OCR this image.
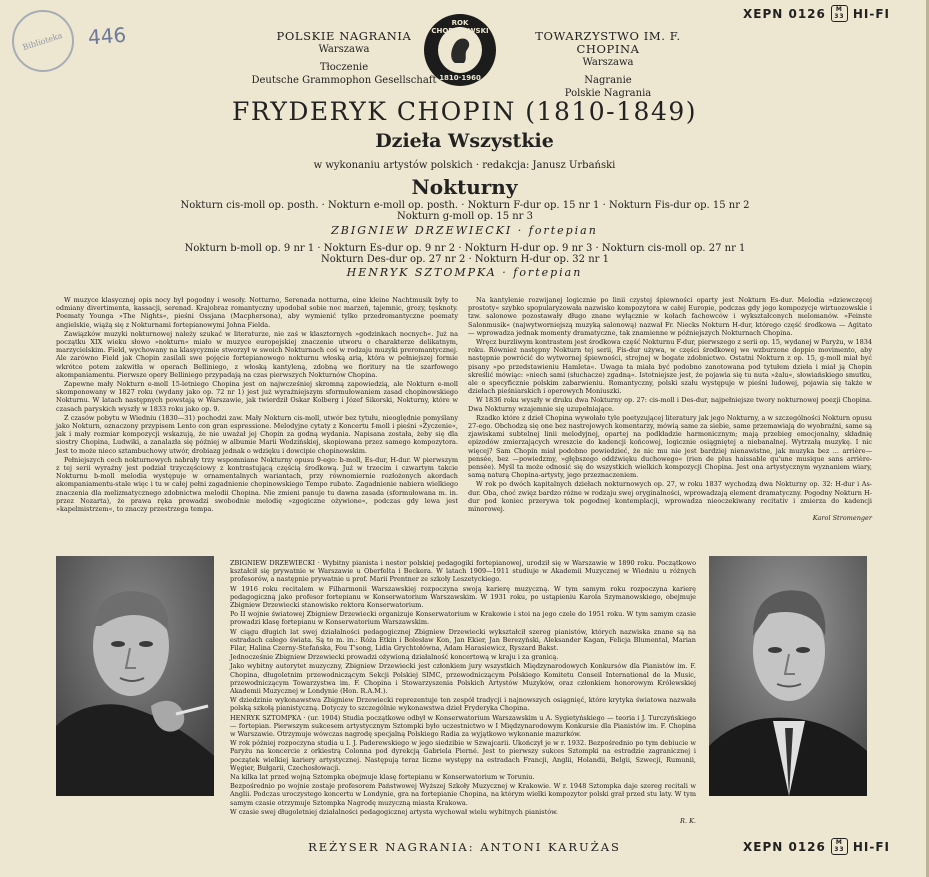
Biblioteka 446	POLSKIE NAGRANIA
Warszawa
Tłoczenie
Deutsche Grammophon Gesellschaft
ROK CHOPINOWSKI
1810·1960
TOWARZYSTWO IM. F. CHOPINA
Warszawa
Nagranie
Polskie Nagrania
XEPN 0126	M
33 HI-FI
FRYDERYK CHOPIN (1810-1849)
Dzieła Wszystkie
w wykonaniu artystów polskich · redakcja: Janusz Urbański
Nokturny
Nokturn cis-moll op. posth. · Nokturn e-moll op. posth. · Nokturn F-dur op. 15 nr 1 · Nokturn Fis-dur op. 15 nr 2 Nokturn g-moll op. 15 nr 3
ZBIGNIEW DRZEWIECKI · fortepian
Nokturn b-moll op. 9 nr 1 · Nokturn Es-dur op. 9 nr 2 · Nokturn H-dur op. 9 nr 3 · Nokturn cis-moll op. 27 nr 1 Nokturn Des-dur op. 27 nr 2 · Nokturn H-dur op. 32 nr 1
HENRYK SZTOMPKA · fortepian

W muzyce klasycznej opis nocy był pogodny i wesoły. Notturno, Serenada notturna, eine kleine Nachtmusik były to odmiany divertimenta, kassacji, serenad. Krajobraz romantyczny upodobał sobie noc marzeń, tajemnic, grozy, tęsknoty. Poematy Younga »The Nights«, pieśni Ossjana (Macphersona), aby wymienić tylko przedromantyczne poematy angielskie, wiążą się z Nokturnami fortepianowymi Johna Fielda.

Zawiązków muzyki nokturnowej należy szukać w literaturze, nie zaś w klasztornych »godzinkach nocnych«. Już na początku XIX wieku słowo »nokturn« miało w muzyce europejskiej znaczenie utworu o charakterze delikatnym, marzycielskim. Field, wychowany na klasycyzmie stworzył w swoich Nokturnach coś w rodzaju muzyki preromantycznej. Ale zarówno Field jak Chopin zasilali swe pojęcie fortepianowego nokturnu włoską arią, która w pełniejszej formie wkrótce potem zakwitła w operach Belliniego, z włoską kantyleną, zdobną we fioritury na tle szarfowego akompaniamentu. Pierwsze opery Belliniego przypadają na czas pierwszych Nokturnów Chopina.

Zapewne mały Nokturn e-moll 15-letniego Chopina jest on najwcześniej skromną zapowiedzią, ale Nokturn e-moll skomponowany w 1827 roku (wydany jako op. 72 nr 1) jest już wyraźniejszym sformułowaniem zasad chopinowskiego Nokturnu. W latach następnych powstają w Warszawie, jak twierdził Oskar Kolberg i Józef Sikorski, Nokturny, które w czasach paryskich wyszły w 1833 roku jako op. 9.

Z czasów pobytu w Wiedniu (1830—31) pochodzi zaw. Mały Nokturn cis-moll, utwór bez tytułu, nieoględnie pomyślany jako Nokturn, oznaczony przypisem Lento con gran espressione. Melodyjne cytaty z Koncertu f-moll i pieśni »Życzenie«, jak i mały rozmiar kompozycji wskazują, że nie uważał jej Chopin za godną wydania. Napisana została, żeby się dla siostry Chopina, Ludwiki, a zanalazła się później w albumie Marii Wodzińskiej, skopiowana przez samego kompozytora. Jest to może nieco sztambuchowy utwór, drobiazg jednak o wdzięku i dowcipie chopinowskim.

Pełniejszych cech nokturnowych nabrały trzy wspomniane Nokturny opusu 9-ego: b-moll, Es-dur, H-dur. W pierwszym z tej serii wyraźny jest podział trzyczęściowy z kontrastującą częścią środkową. Już w trzecim i czwartym takcie Nokturnu b-moll melodia występuje w ornamentalnych wariantach, przy równomiernie rozłożonych akordach akompaniamentu-stale więc i tu w całej pełni zagadnienie chopinowskiego Tempo rubato. Zagadnienie nabiera wielkiego znaczenia dla melizmatycznego zdobnictwa melodii Chopina. Nie zmieni panuje tu dawna zasada (sformułowana m. in. przez Nozarta), że prawa ręka prowadzi swobodnie melodię »zgogiczne ożywione«, podczas gdy lewa jest »kapelmistrzem«, to znaczy przestrzega tempa.

Na kantylenie rozwijanej logicznie po linii czystej śpiewności oparty jest Nokturn Es-dur. Melodia »dziewczęcej prostoty« szybko spopularyzowała nazwisko kompozytora w całej Europie, podczas gdy jego kompozycje wirtuozowskie i tzw. salonowe pozostawały długo znane wyłącznie w kołach fachowców i wykształconych melomanów. »Feinste Salonmusik« (najwytworniejszą muzyką salonową) nazwał Fr. Niecks Nokturn H-dur, którego część środkowa — Agitato — wprowadza jednak momenty dramatyczne, tak znamienne w późniejszych Nokturnach Chopina.

Wręcz burzliwym kontrastem jest środkowa część Nokturnu F-dur, pierwszego z serii op. 15, wydanej w Paryżu, w 1834 roku. Również następny Nokturn tej serii, Fis-dur używa, w części środkowej we wzburzone doppio movimento, aby następnie powrócić do wytwornej śpiewności, strojnej w bogate zdobnictwo. Ostatni Nokturn z op. 15, g-moll miał być pisany »po przedstawieniu Hamleta«. Uwaga ta miała być podobno zanotowana pod tytułem dzieła i miał ją Chopin skreślić mówiąc: »niech sami (słuchacze) zgadną«. Istotniejsze jest, że pojawia się tu nuta »żalu«, słowiańskiego smutku, ale o specyficznie polskim zabarwieniu. Romantyczny, polski szału występuje w pieśni ludowej, pojawia się także w dziełach pieśniarskich i operowych Moniuszki.

W 1836 roku wyszły w druku dwa Nokturny op. 27: cis-moll i Des-dur, najpełniejsze twory nokturnowej poezji Chopina. Dwa Nokturny wzajemnie się uzupełniające.

Rzadko które z dzieł Chopina wywołało tyle poetyzującej literatury jak jego Nokturny, a w szczególności Nokturn opusu 27-ego. Obchodzą się one bez nastrojowych komentarzy, mówią same za siebie, same przemawiają do wyobraźni, same są zjawiskami subtelnej linii melodyjnej, opartej na podkładzie harmonicznym; mają przebieg emocjonalny, składnię epizodów zmierzających wreszcie do kadencji końcowej, logicznie osiągniętej a niebanalnej. Wytrzałą muzykę. I nic więcej? Sam Chopin miał podobno powiedzieć, że nic mu nie jest bardziej nienawistne, jak muzyka bez ... arrière—pensée, bez —powiedzmy, »głębszego oddźwięku duchowego« (rien de plus haissable qu'une musique sans arrière-pensée). Myśl ta może odnosić się do wszystkich wielkich kompozycji Chopina. Jest ona artystycznym wyznaniem wiary, samą naturą Chopina-artysty, jego przeznaczeniem.

W rok po dwóch kapitalnych dziełach nokturnowych op. 27, w roku 1837 wychodzą dwa Nokturny op. 32: H-dur i As-dur. Oba, choć zwięz bardzo różne w rodzaju swej oryginalności, wprowadzają element dramatyczny. Pogodny Nokturn H-dur pod koniec przerywa tok pogodnej kontemplacji, wprowadza nieoczekiwany recitativ i zmierza do kadencji minorowej.

Karol Stromenger

ZBIGNIEW DRZEWIECKI · Wybitny pianista i nestor polskiej pedagogiki fortepianowej, urodził się w Warszawie w 1890 roku. Początkowo kształcił się prywatnie w Warszawie u Oberfelta i Beckera. W latach 1909—1911 studiuje w Akademii Muzycznej w Wiedniu u różnych profesorów, a następnie prywatnie u prof. Marii Prentner ze szkoły Leszetyckiego.

W 1916 roku recitalem w Filharmonii Warszawskiej rozpoczyna swoją karierę muzyczną. W tym samym roku rozpoczyna karierę pedagogiczną jako profesor fortepianu w Konserwatorium Warszawskim. W 1931 roku, po ustąpieniu Karola Szymanowskiego, obejmuje Zbigniew Drzewiecki stanowisko rektora Konserwatorium.

Po II wojnie światowej Zbigniew Drzewiecki organizuje Konserwatorium w Krakowie i stoi na jego czele do 1951 roku. W tym samym czasie prowadzi klasę fortepianu w Konserwatorium Warszawskim.

W ciągu długich lat swej działalności pedagogicznej Zbigniew Drzewiecki wykształcił szereg pianistów, których nazwiska znane są na estradach całego świata. Są to m. in.: Róża Etkin i Bolesław Kon, Jan Ekier, Jan Berezyński, Aleksander Kagan, Felicja Blumental, Marian Filar, Halina Czerny-Stefańska, Fou T'song, Lidia Grychtołówna, Adam Harasiewicz, Ryszard Bakst.

Jednocześnie Zbigniew Drzewiecki prowadzi ożywioną działalność koncertową w kraju i za granicą.

Jako wybitny autorytet muzyczny, Zbigniew Drzewiecki jest członkiem jury wszystkich Międzynarodowych Konkursów dla Pianistów im. F. Chopina, długoletnim przewodniczącym Sekcji Polskiej SIMC, przewodniczącym Polskiego Komitetu Conseil International de la Music, przewodniczącym Towarzystwa im. F. Chopina i Stowarzyszenia Polskich Artystów Muzyków, oraz członkiem honorowym Królewskiej Akademii Muzycznej w Londynie (Hon. R.A.M.).

W dziedzinie wykonawstwa Zbigniew Drzewiecki reprezentuje ten zespół tradycji i najnowszych osiągnięć, które krytyka światowa nazwała polską szkołą pianistyczną. Dotyczy to szczególnie wykonawstwa dzieł Fryderyka Chopina.

HENRYK SZTOMPKA · (ur. 1904) Studia początkowe odbył w Konserwatorium Warszawskim u A. Sygietyńskiego — teoria i J. Turczyńskiego — fortepian. Pierwszym sukcesem artystycznym Sztompki było uczestnictwo w I Międzynarodowym Konkursie dla Pianistów im. F. Chopina w Warszawie. Otrzymuje wówczas nagrodę specjalną Polskiego Radia za wyjątkowo wykonanie mazurków.

W rok później rozpoczyna studia u I. J. Paderewskiego w jego siedzibie w Szwajcarii. Ukończył je w r. 1932. Bezpośrednio po tym debiucie w Paryżu na koncercie z orkiestrą Colonna pod dyrekcją Gabriela Pierné. Jest to pierwszy sukces Sztompki na estradzie zagranicznej i początek wielkiej kariery artystycznej. Następują teraz liczne występy na estradach Francji, Anglii, Holandii, Belgii, Szwecji, Rumunii, Węgier, Bułgarii, Czechosłowacji.

Na kilka lat przed wojną Sztompka obejmuje klasę fortepianu w Konserwatorium w Toruniu.

Bezpośrednio po wojnie zostaje profesorem Państwowej Wyższej Szkoły Muzycznej w Krakowie. W r. 1948 Sztompka daje szereg recitali w Anglii. Podczas uroczystego koncertu w Londynie, gra na fortepianie Chopina, na którym wielki kompozytor polski grał przed stu laty. W tym samym czasie otrzymuje Sztompka Nagrodę muzyczną miasta Krakowa.

W czasie swej długoletniej działalności pedagogicznej artysta wychował wielu wybitnych pianistów.

R. K.
REŻYSER NAGRANIA: ANTONI KARUŻAS	XEPN 0126	M
33 HI-FI
